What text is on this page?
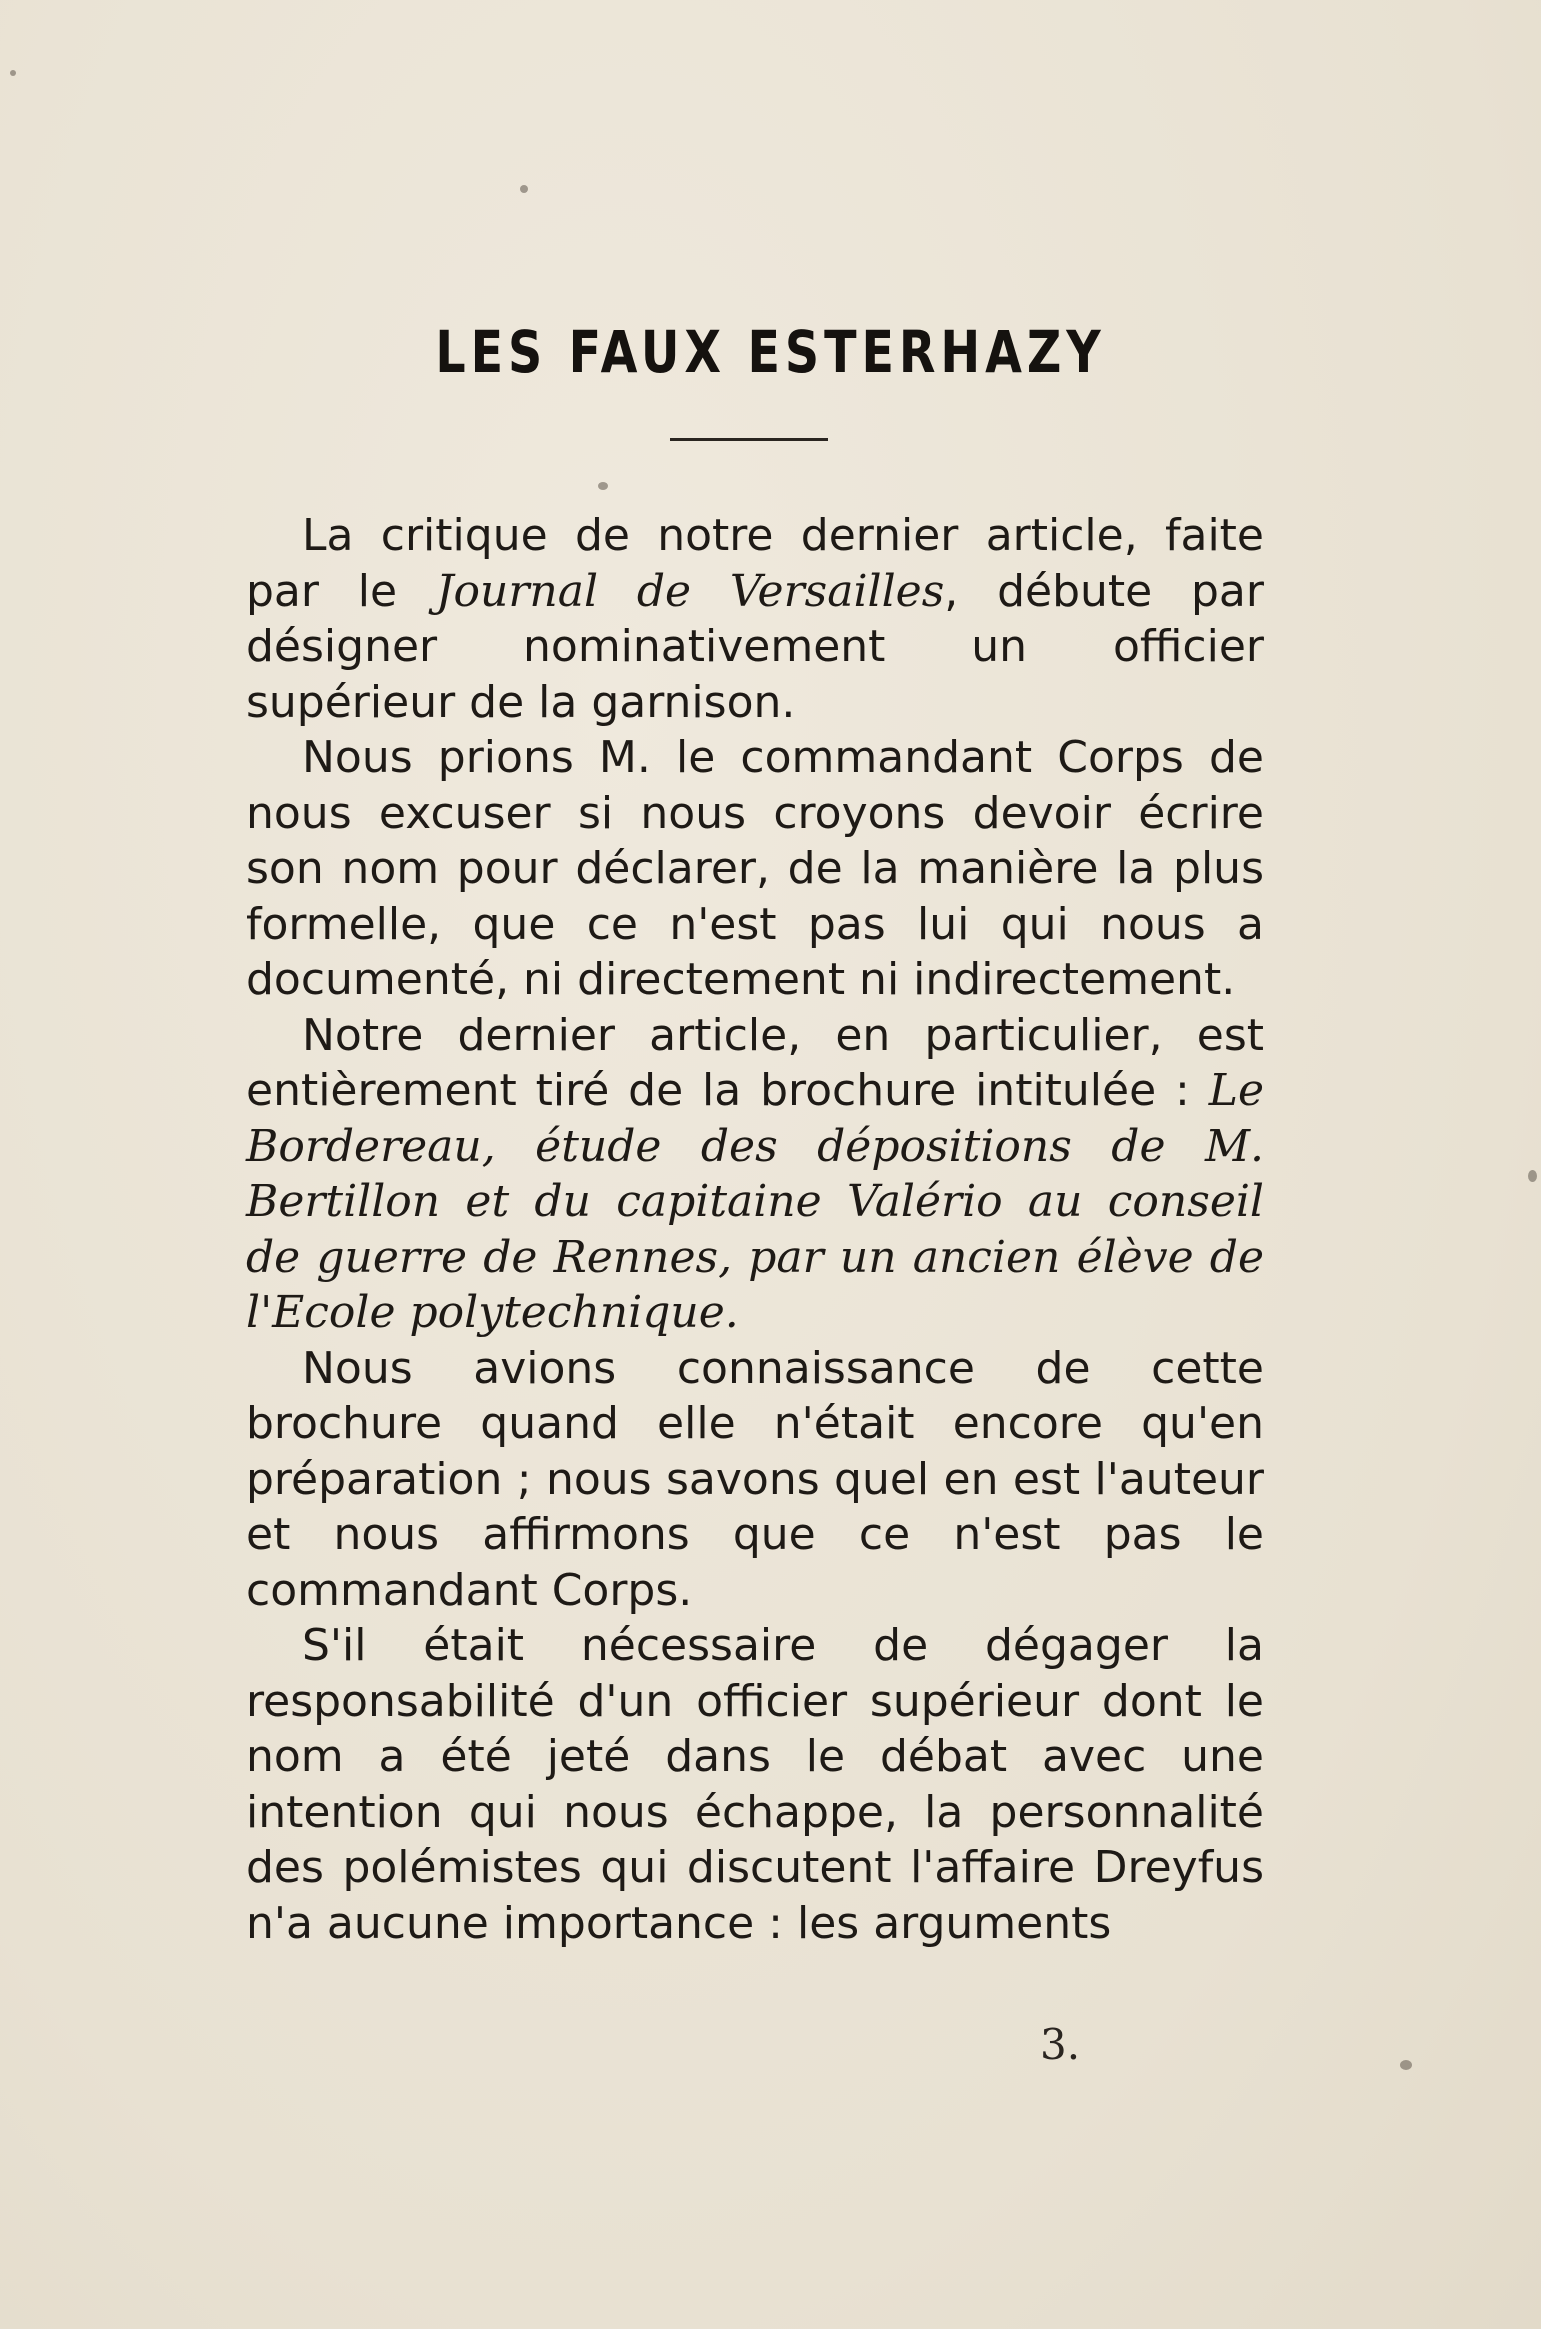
LES FAUX ESTERHAZY

La critique de notre dernier article, faite par le Journal de Versailles, débute par désigner nominativement un officier supérieur de la garnison.

Nous prions M. le commandant Corps de nous excuser si nous croyons devoir écrire son nom pour déclarer, de la manière la plus formelle, que ce n'est pas lui qui nous a documenté, ni directement ni indirectement.

Notre dernier article, en particulier, est entièrement tiré de la brochure intitulée : Le Bordereau, étude des dépositions de M. Bertillon et du capitaine Valério au conseil de guerre de Rennes, par un ancien élève de l'Ecole polytechnique.

Nous avions connaissance de cette brochure quand elle n'était encore qu'en préparation ; nous savons quel en est l'auteur et nous affirmons que ce n'est pas le commandant Corps.

S'il était nécessaire de dégager la responsabilité d'un officier supérieur dont le nom a été jeté dans le débat avec une intention qui nous échappe, la personnalité des polémistes qui discutent l'affaire Dreyfus n'a aucune importance : les arguments

3.
